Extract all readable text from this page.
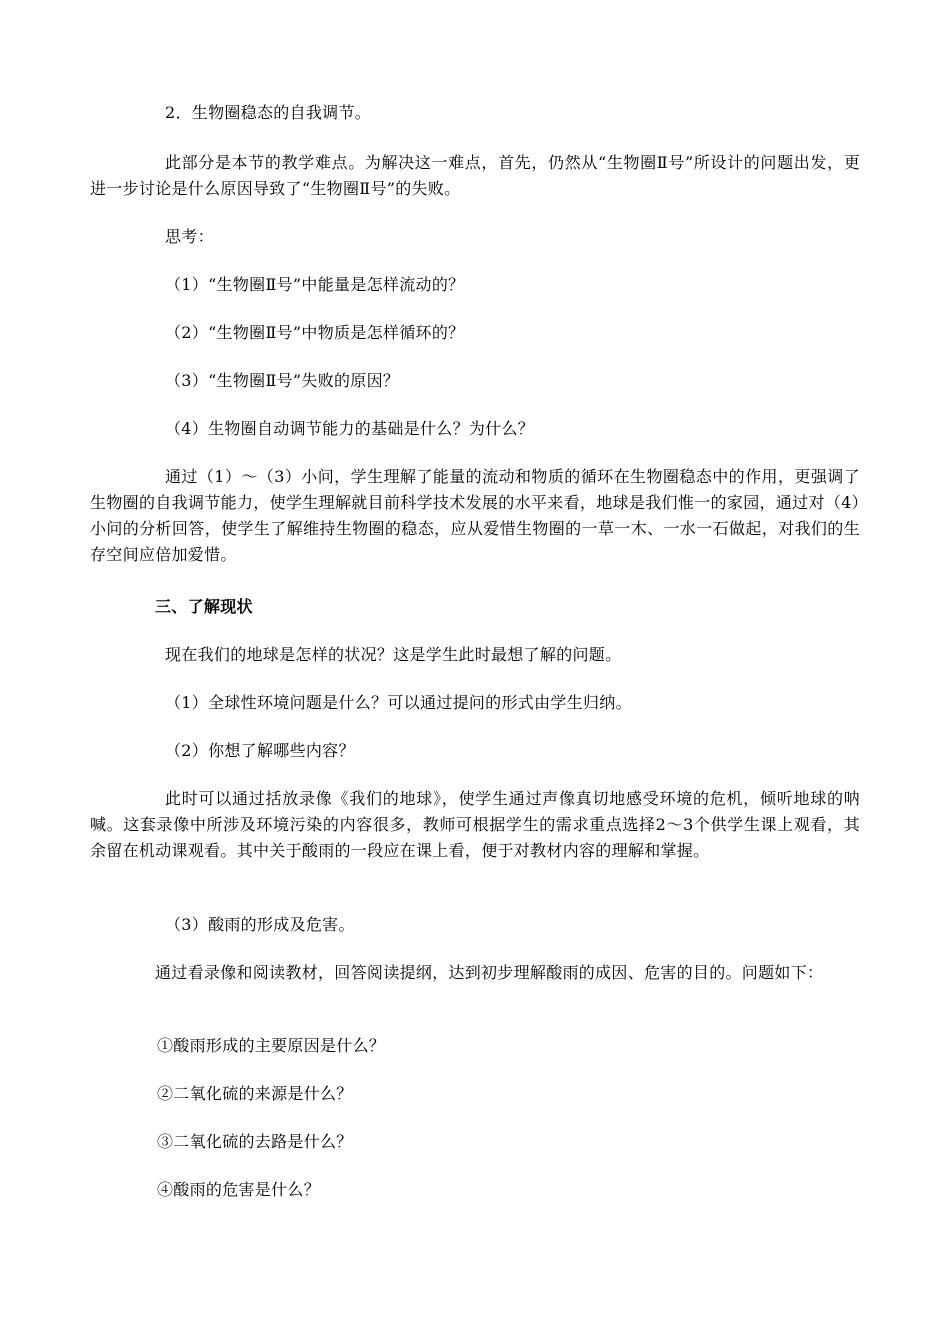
2．生物圈稳态的自我调节。
此部分是本节的教学难点。为解决这一难点，首先，仍然从“生物圈Ⅱ号”所设计的问题出发，更进一步讨论是什么原因导致了“生物圈Ⅱ号”的失败。
思考：
（1）“生物圈Ⅱ号”中能量是怎样流动的？
（2）“生物圈Ⅱ号”中物质是怎样循环的？
（3）“生物圈Ⅱ号”失败的原因？
（4）生物圈自动调节能力的基础是什么？为什么？
通过（1）～（3）小问，学生理解了能量的流动和物质的循环在生物圈稳态中的作用，更强调了生物圈的自我调节能力，使学生理解就目前科学技术发展的水平来看，地球是我们惟一的家园，通过对（4）小问的分析回答，使学生了解维持生物圈的稳态，应从爱惜生物圈的一草一木、一水一石做起，对我们的生存空间应倍加爱惜。
三、了解现状
现在我们的地球是怎样的状况？这是学生此时最想了解的问题。
（1）全球性环境问题是什么？可以通过提问的形式由学生归纳。
（2）你想了解哪些内容？
此时可以通过括放录像《我们的地球》，使学生通过声像真切地感受环境的危机，倾听地球的呐喊。这套录像中所涉及环境污染的内容很多，教师可根据学生的需求重点选择2～3个供学生课上观看，其余留在机动课观看。其中关于酸雨的一段应在课上看，便于对教材内容的理解和掌握。
（3）酸雨的形成及危害。
通过看录像和阅读教材，回答阅读提纲，达到初步理解酸雨的成因、危害的目的。问题如下：
①酸雨形成的主要原因是什么？
②二氧化硫的来源是什么？
③二氧化硫的去路是什么？
④酸雨的危害是什么？
